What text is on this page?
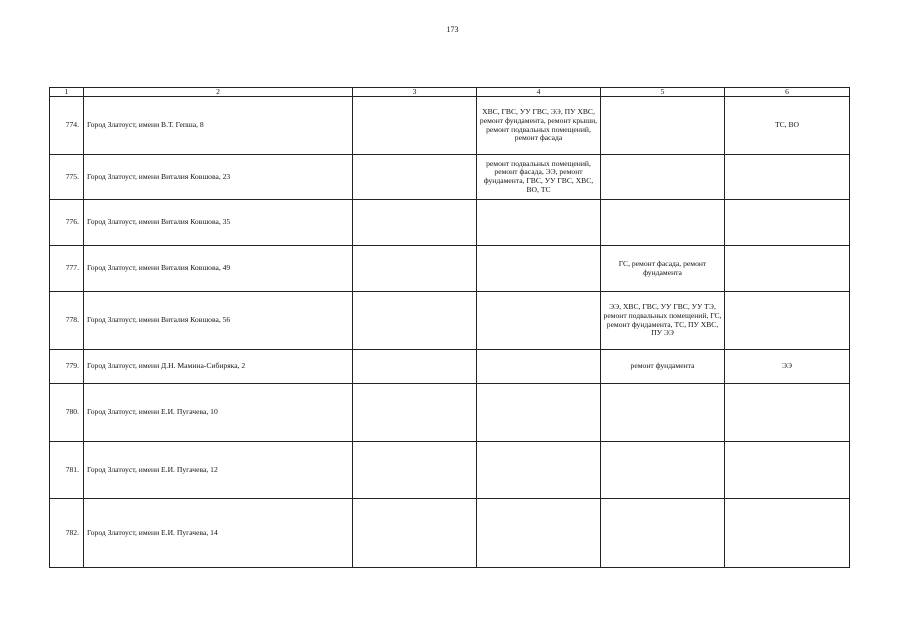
173
1	2	3	4	5	6
774.	Город Златоуст, имени В.Т. Гепша, 8		ХВС, ГВС, УУ ГВС, ЭЭ, ПУ ХВС, ремонт фундамента, ремонт крыши, ремонт подвальных помещений, ремонт фасада		ТС, ВО
775.	Город Златоуст, имени Виталия Ковшова, 23		ремонт подвальных помещений, ремонт фасада, ЭЭ, ремонт фундамента, ГВС, УУ ГВС, ХВС, ВО, ТС		
776.	Город Златоуст, имени Виталия Ковшова, 35				
777.	Город Златоуст, имени Виталия Ковшова, 49			ГС, ремонт фасада, ремонт фундамента	
778.	Город Златоуст, имени Виталия Ковшова, 56			ЭЭ, ХВС, ГВС, УУ ГВС, УУ ТЭ, ремонт подвальных помещений, ГС, ремонт фундамента, ТС, ПУ ХВС, ПУ ЭЭ	
779.	Город Златоуст, имени Д.Н. Мамина-Сибиряка, 2			ремонт фундамента	ЭЭ
780.	Город Златоуст, имени Е.И. Пугачева, 10				
781.	Город Златоуст, имени Е.И. Пугачева, 12				
782.	Город Златоуст, имени Е.И. Пугачева, 14				
